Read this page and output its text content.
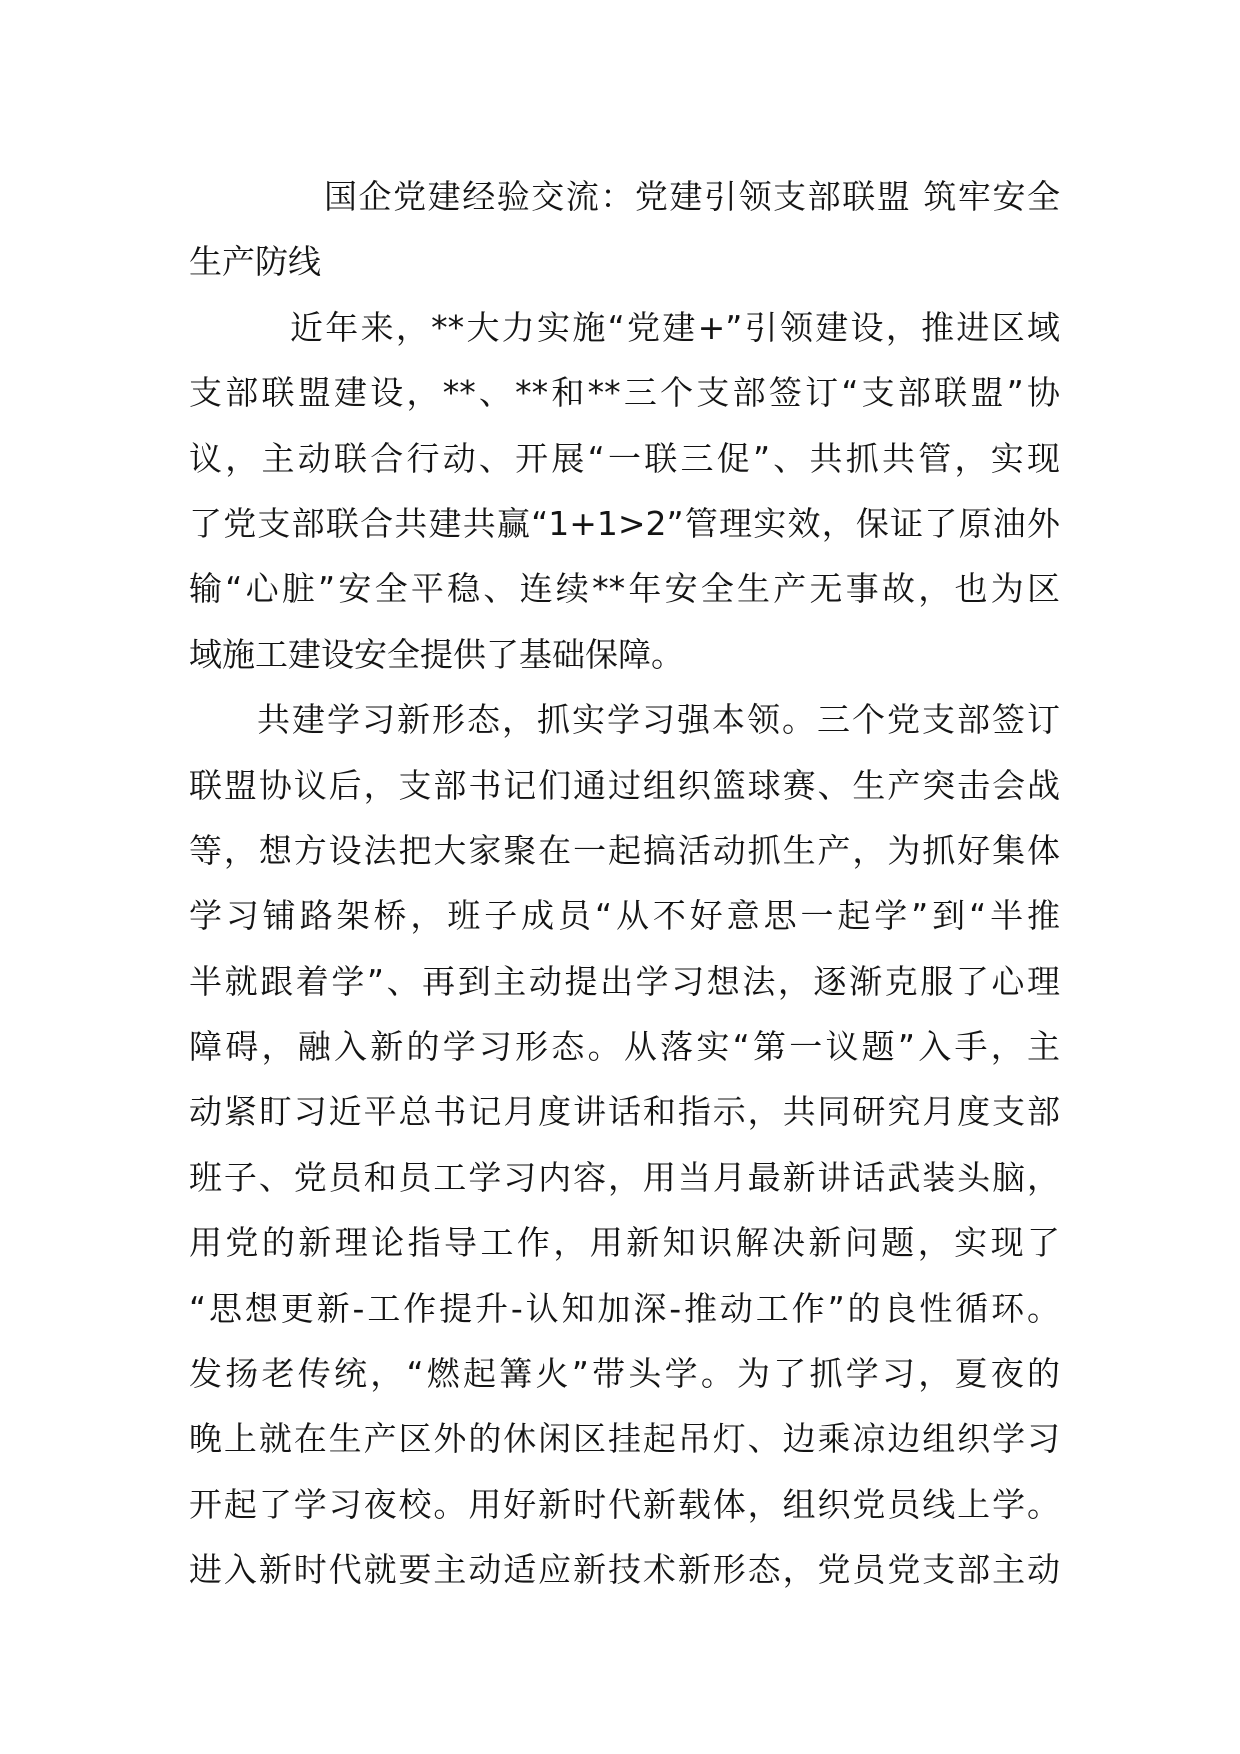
国企党建经验交流：党建引领支部联盟 筑牢安全
生产防线
近年来，**大力实施“党建+”引领建设，推进区域
支部联盟建设，**、**和**三个支部签订“支部联盟”协
议，主动联合行动、开展“一联三促”、共抓共管，实现
了党支部联合共建共赢“1+1>2”管理实效，保证了原油外
输“心脏”安全平稳、连续**年安全生产无事故，也为区
域施工建设安全提供了基础保障。
共建学习新形态，抓实学习强本领。三个党支部签订
联盟协议后，支部书记们通过组织篮球赛、生产突击会战
等，想方设法把大家聚在一起搞活动抓生产，为抓好集体
学习铺路架桥，班子成员“从不好意思一起学”到“半推
半就跟着学”、再到主动提出学习想法，逐渐克服了心理
障碍，融入新的学习形态。从落实“第一议题”入手，主
动紧盯习近平总书记月度讲话和指示，共同研究月度支部
班子、党员和员工学习内容，用当月最新讲话武装头脑，
用党的新理论指导工作，用新知识解决新问题，实现了
“思想更新-工作提升-认知加深-推动工作”的良性循环。
发扬老传统，“燃起篝火”带头学。为了抓学习，夏夜的
晚上就在生产区外的休闲区挂起吊灯、边乘凉边组织学习
开起了学习夜校。用好新时代新载体，组织党员线上学。
进入新时代就要主动适应新技术新形态，党员党支部主动
